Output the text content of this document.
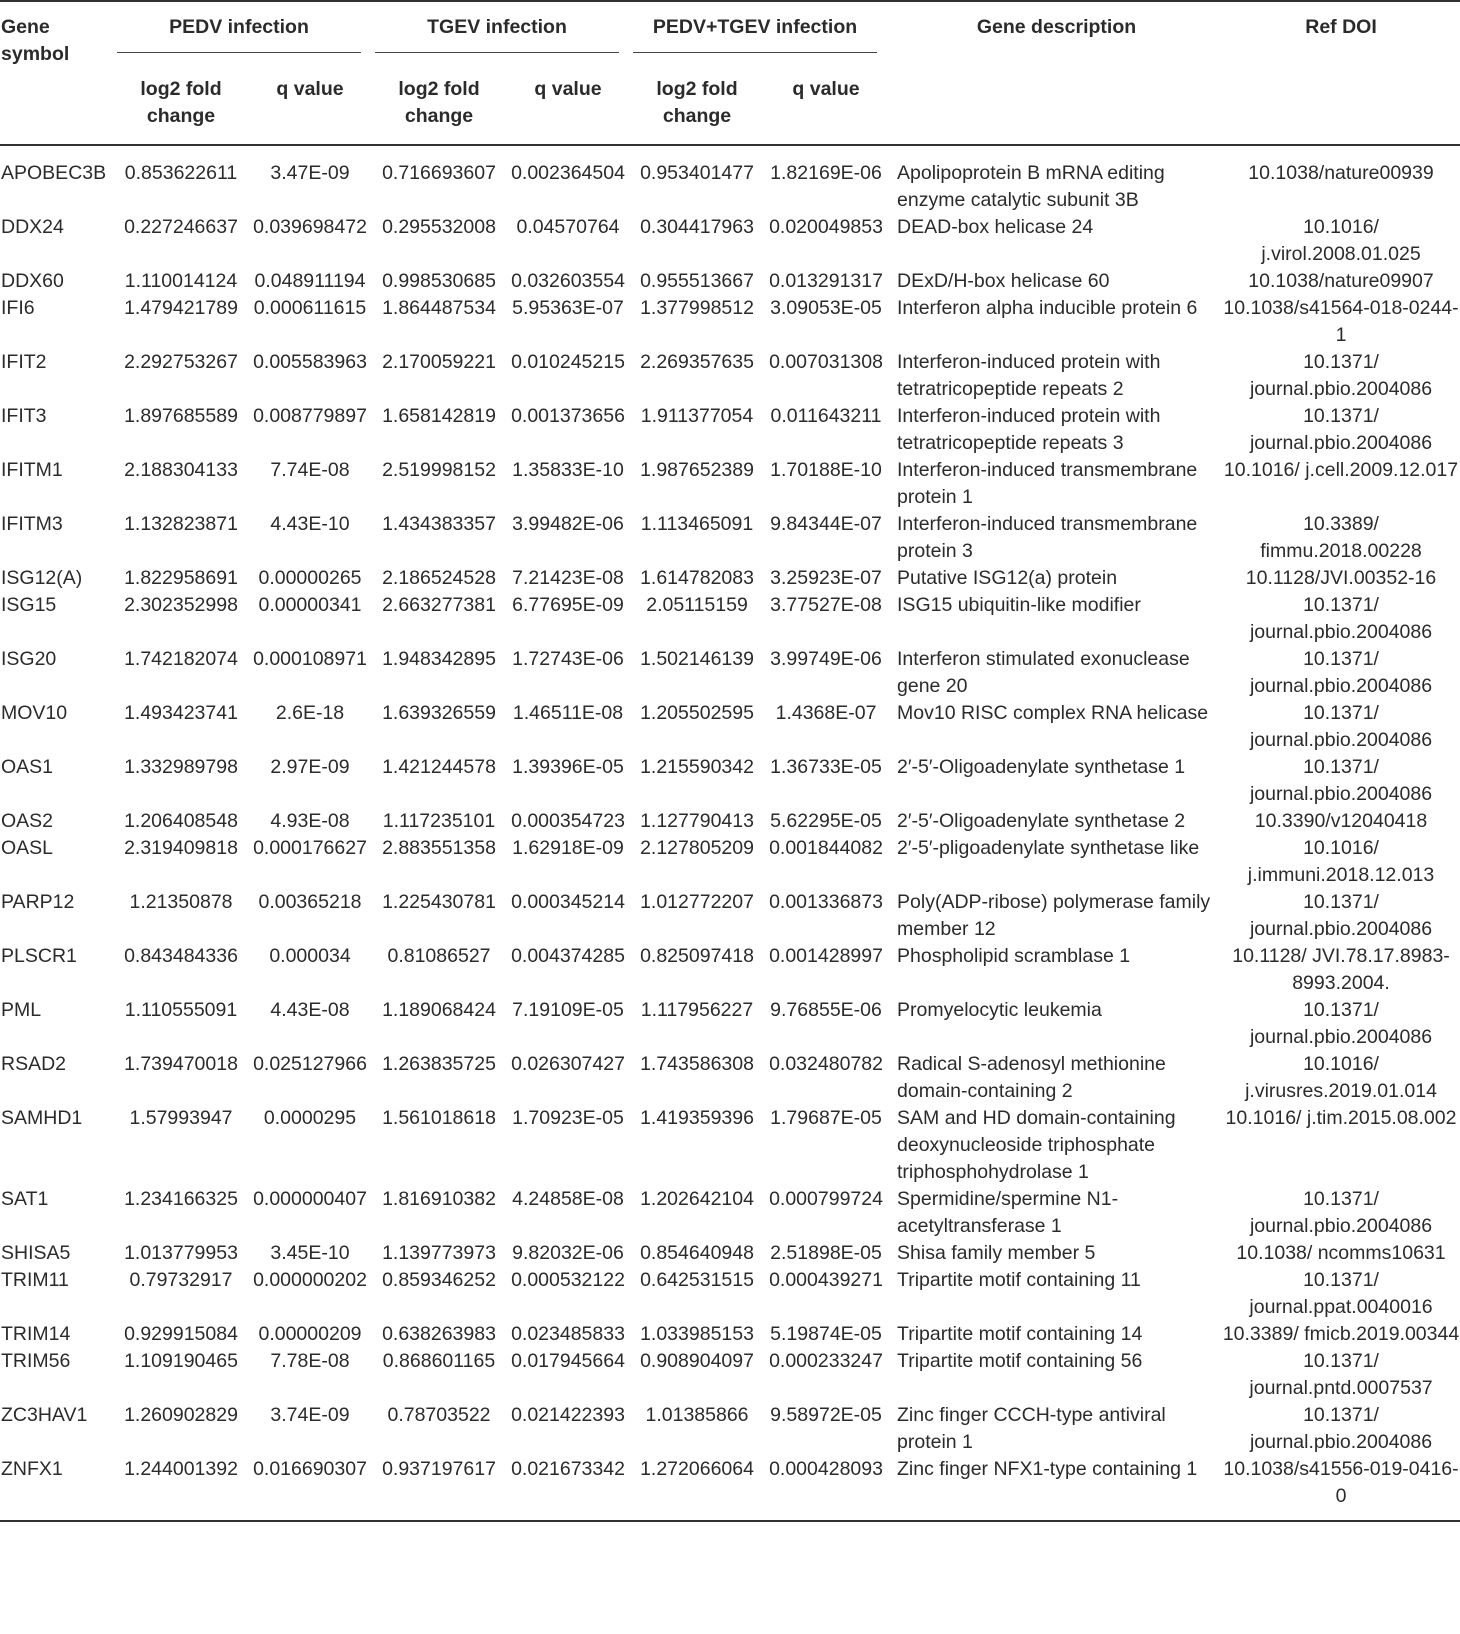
Gene symbol	PEDV infection		TGEV infection		PEDV+TGEV infection		Gene description	Ref DOI
	log2 fold change	q value	log2 fold change	q value	log2 fold change	q value		
APOBEC3B	0.853622611	3.47E-09	0.716693607	0.002364504	0.953401477	1.82169E-06	Apolipoprotein B mRNA editing enzyme catalytic subunit 3B	10.1038/nature00939
DDX24	0.227246637	0.039698472	0.295532008	0.04570764	0.304417963	0.020049853	DEAD-box helicase 24	10.1016/ j.virol.2008.01.025
DDX60	1.110014124	0.048911194	0.998530685	0.032603554	0.955513667	0.013291317	DExD/H-box helicase 60	10.1038/nature09907
IFI6	1.479421789	0.000611615	1.864487534	5.95363E-07	1.377998512	3.09053E-05	Interferon alpha inducible protein 6	10.1038/s41564-018-0244-1
IFIT2	2.292753267	0.005583963	2.170059221	0.010245215	2.269357635	0.007031308	Interferon-induced protein with tetratricopeptide repeats 2	10.1371/ journal.pbio.2004086
IFIT3	1.897685589	0.008779897	1.658142819	0.001373656	1.911377054	0.011643211	Interferon-induced protein with tetratricopeptide repeats 3	10.1371/ journal.pbio.2004086
IFITM1	2.188304133	7.74E-08	2.519998152	1.35833E-10	1.987652389	1.70188E-10	Interferon-induced transmembrane protein 1	10.1016/ j.cell.2009.12.017
IFITM3	1.132823871	4.43E-10	1.434383357	3.99482E-06	1.113465091	9.84344E-07	Interferon-induced transmembrane protein 3	10.3389/ fimmu.2018.00228
ISG12(A)	1.822958691	0.00000265	2.186524528	7.21423E-08	1.614782083	3.25923E-07	Putative ISG12(a) protein	10.1128/JVI.00352-16
ISG15	2.302352998	0.00000341	2.663277381	6.77695E-09	2.05115159	3.77527E-08	ISG15 ubiquitin-like modifier	10.1371/ journal.pbio.2004086
ISG20	1.742182074	0.000108971	1.948342895	1.72743E-06	1.502146139	3.99749E-06	Interferon stimulated exonuclease gene 20	10.1371/ journal.pbio.2004086
MOV10	1.493423741	2.6E-18	1.639326559	1.46511E-08	1.205502595	1.4368E-07	Mov10 RISC complex RNA helicase	10.1371/ journal.pbio.2004086
OAS1	1.332989798	2.97E-09	1.421244578	1.39396E-05	1.215590342	1.36733E-05	2′-5′-Oligoadenylate synthetase 1	10.1371/ journal.pbio.2004086
OAS2	1.206408548	4.93E-08	1.117235101	0.000354723	1.127790413	5.62295E-05	2′-5′-Oligoadenylate synthetase 2	10.3390/v12040418
OASL	2.319409818	0.000176627	2.883551358	1.62918E-09	2.127805209	0.001844082	2′-5′-pligoadenylate synthetase like	10.1016/ j.immuni.2018.12.013
PARP12	1.21350878	0.00365218	1.225430781	0.000345214	1.012772207	0.001336873	Poly(ADP-ribose) polymerase family member 12	10.1371/ journal.pbio.2004086
PLSCR1	0.843484336	0.000034	0.81086527	0.004374285	0.825097418	0.001428997	Phospholipid scramblase 1	10.1128/ JVI.78.17.8983-8993.2004.
PML	1.110555091	4.43E-08	1.189068424	7.19109E-05	1.117956227	9.76855E-06	Promyelocytic leukemia	10.1371/ journal.pbio.2004086
RSAD2	1.739470018	0.025127966	1.263835725	0.026307427	1.743586308	0.032480782	Radical S-adenosyl methionine domain-containing 2	10.1016/ j.virusres.2019.01.014
SAMHD1	1.57993947	0.0000295	1.561018618	1.70923E-05	1.419359396	1.79687E-05	SAM and HD domain-containing deoxynucleoside triphosphate triphosphohydrolase 1	10.1016/ j.tim.2015.08.002
SAT1	1.234166325	0.000000407	1.816910382	4.24858E-08	1.202642104	0.000799724	Spermidine/spermine N1-acetyltransferase 1	10.1371/ journal.pbio.2004086
SHISA5	1.013779953	3.45E-10	1.139773973	9.82032E-06	0.854640948	2.51898E-05	Shisa family member 5	10.1038/ ncomms10631
TRIM11	0.79732917	0.000000202	0.859346252	0.000532122	0.642531515	0.000439271	Tripartite motif containing 11	10.1371/ journal.ppat.0040016
TRIM14	0.929915084	0.00000209	0.638263983	0.023485833	1.033985153	5.19874E-05	Tripartite motif containing 14	10.3389/ fmicb.2019.00344
TRIM56	1.109190465	7.78E-08	0.868601165	0.017945664	0.908904097	0.000233247	Tripartite motif containing 56	10.1371/ journal.pntd.0007537
ZC3HAV1	1.260902829	3.74E-09	0.78703522	0.021422393	1.01385866	9.58972E-05	Zinc finger CCCH-type antiviral protein 1	10.1371/ journal.pbio.2004086
ZNFX1	1.244001392	0.016690307	0.937197617	0.021673342	1.272066064	0.000428093	Zinc finger NFX1-type containing 1	10.1038/s41556-019-0416-0
